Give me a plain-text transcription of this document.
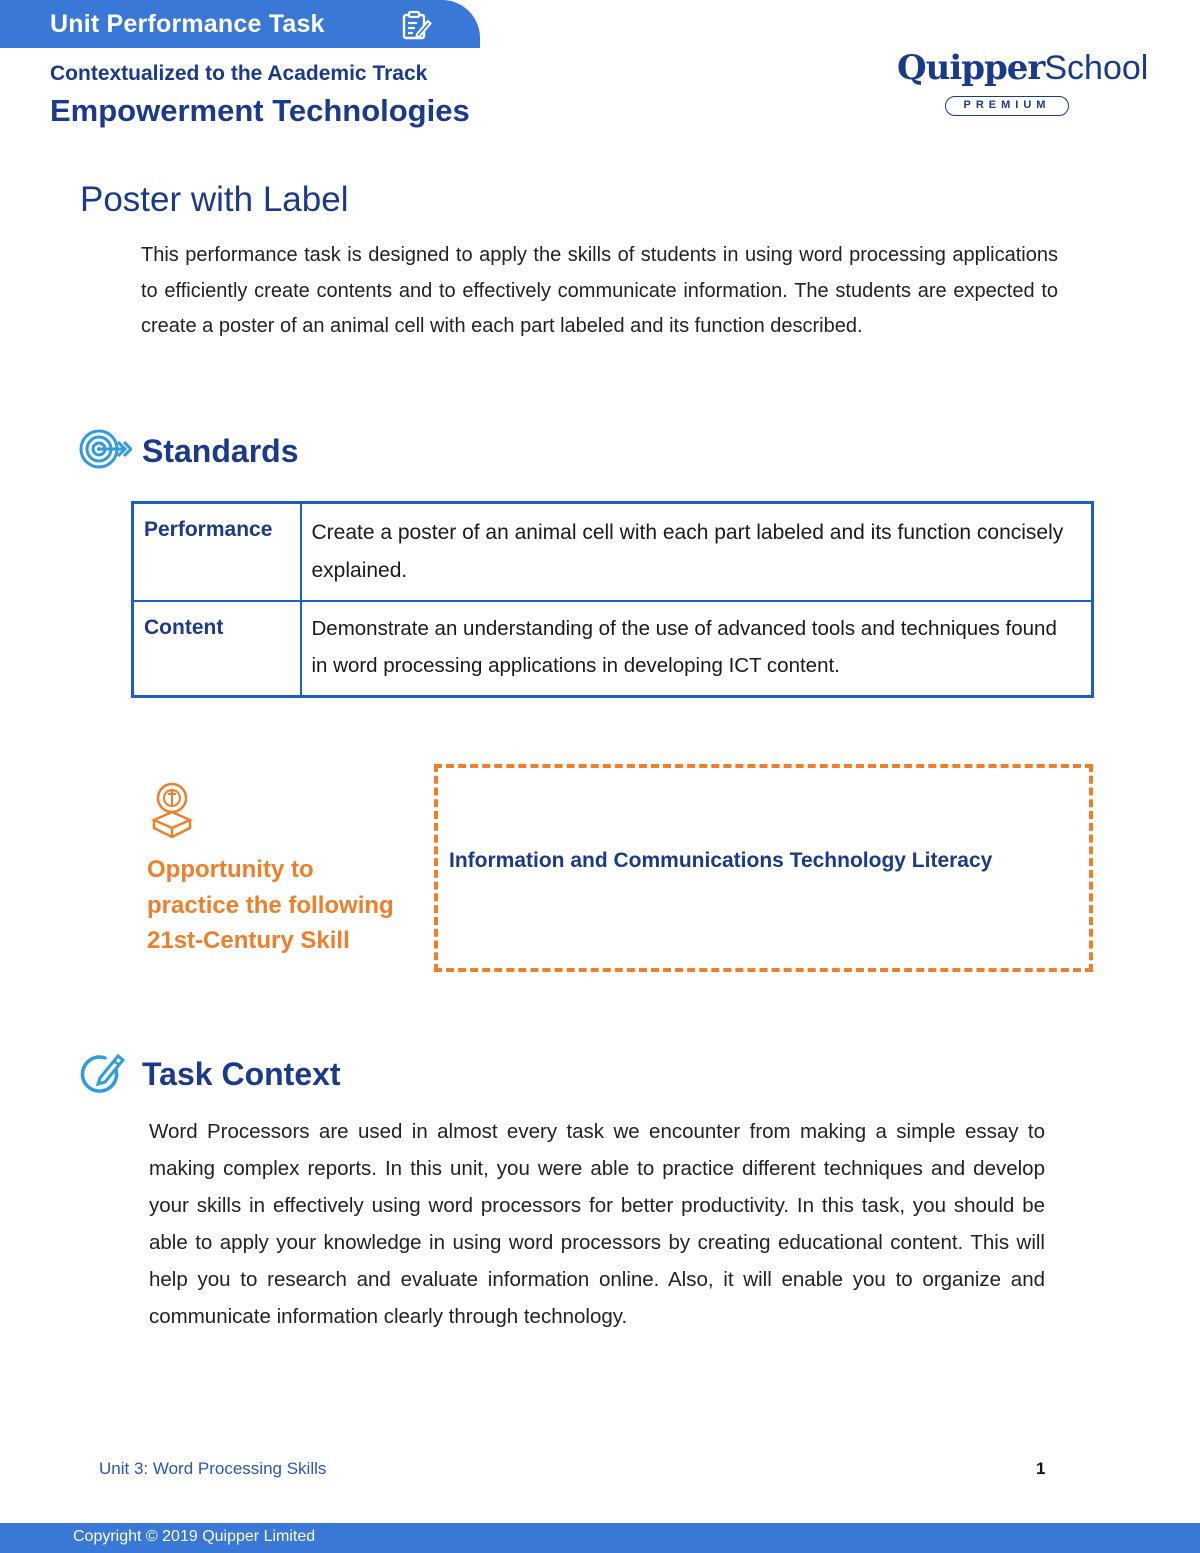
Unit Performance Task
Contextualized to the Academic Track
Empowerment Technologies
QuipperSchool
PREMIUM
Poster with Label

This performance task is designed to apply the skills of students in using word processing applications to efficiently create contents and to effectively communicate information. The students are expected to create a poster of an animal cell with each part labeled and its function described.

Standards
Performance	Create a poster of an animal cell with each part labeled and its function concisely explained.
Content	Demonstrate an understanding of the use of advanced tools and techniques found in word processing applications in developing ICT content.
Opportunity to practice the following 21st-Century Skill
Information and Communications Technology Literacy
Task Context

Word Processors are used in almost every task we encounter from making a simple essay to making complex reports. In this unit, you were able to practice different techniques and develop your skills in effectively using word processors for better productivity. In this task, you should be able to apply your knowledge in using word processors by creating educational content. This will help you to research and evaluate information online. Also, it will enable you to organize and communicate information clearly through technology.

Unit 3: Word Processing Skills	1
Copyright © 2019 Quipper Limited
